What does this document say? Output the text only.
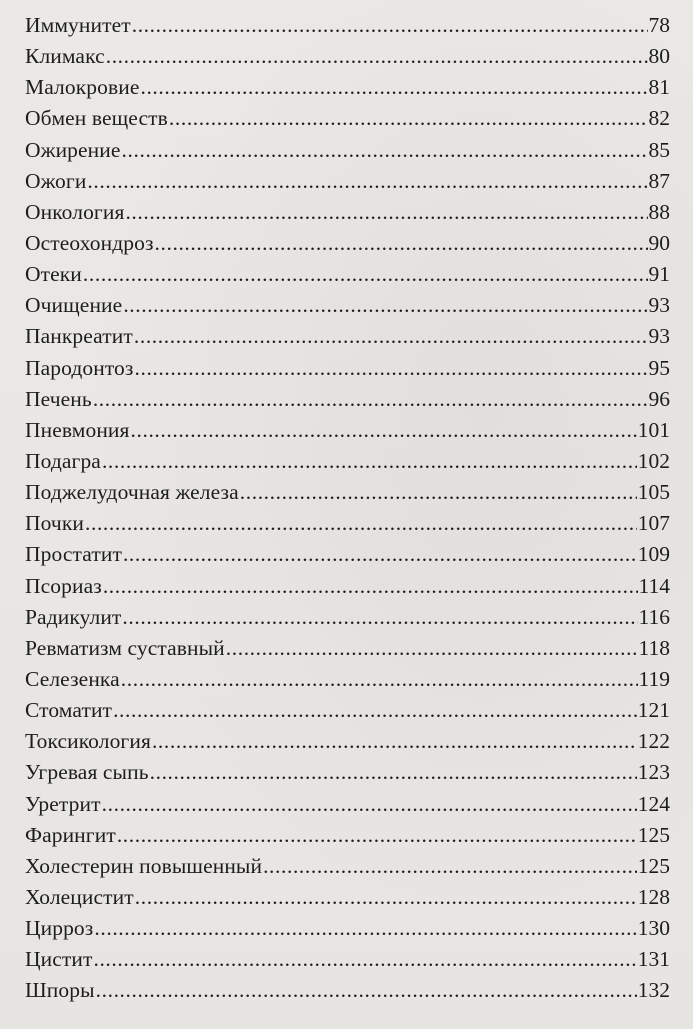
Иммунитет .....	78
Климакс .....	80
Малокровие .....	81
Обмен веществ .....	82
Ожирение .....	85
Ожоги .....	87
Онкология .....	88
Остеохондроз .....	90
Отеки .....	91
Очищение .....	93
Панкреатит .....	93
Пародонтоз .....	95
Печень .....	96
Пневмония .....	101
Подагра .....	102
Поджелудочная железа .....	105
Почки .....	107
Простатит .....	109
Псориаз .....	114
Радикулит .....	116
Ревматизм суставный .....	118
Селезенка .....	119
Стоматит .....	121
Токсикология .....	122
Угревая сыпь .....	123
Уретрит .....	124
Фарингит .....	125
Холестерин повышенный .....	125
Холецистит .....	128
Цирроз .....	130
Цистит .....	131
Шпоры .....	132
